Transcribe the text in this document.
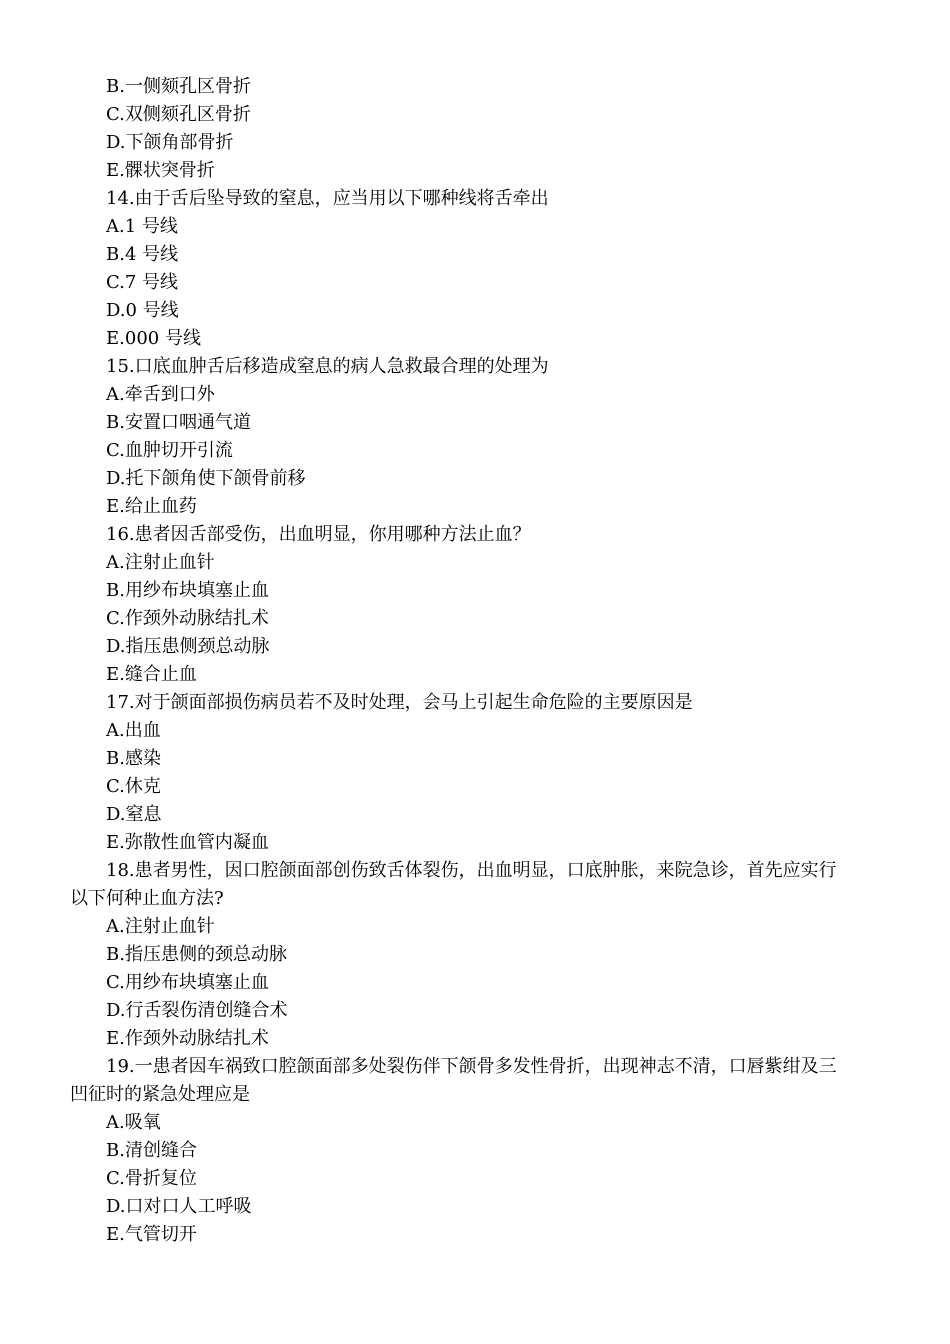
B.一侧颏孔区骨折
C.双侧颏孔区骨折
D.下颌角部骨折
E.髁状突骨折
14.由于舌后坠导致的窒息，应当用以下哪种线将舌牵出
A.1 号线
B.4 号线
C.7 号线
D.0 号线
E.000 号线
15.口底血肿舌后移造成窒息的病人急救最合理的处理为
A.牵舌到口外
B.安置口咽通气道
C.血肿切开引流
D.托下颌角使下颌骨前移
E.给止血药
16.患者因舌部受伤，出血明显，你用哪种方法止血？
A.注射止血针
B.用纱布块填塞止血
C.作颈外动脉结扎术
D.指压患侧颈总动脉
E.缝合止血
17.对于颌面部损伤病员若不及时处理，会马上引起生命危险的主要原因是
A.出血
B.感染
C.休克
D.窒息
E.弥散性血管内凝血
18.患者男性，因口腔颌面部创伤致舌体裂伤，出血明显，口底肿胀，来院急诊，首先应实行
以下何种止血方法?
A.注射止血针
B.指压患侧的颈总动脉
C.用纱布块填塞止血
D.行舌裂伤清创缝合术
E.作颈外动脉结扎术
19.一患者因车祸致口腔颌面部多处裂伤伴下颌骨多发性骨折，出现神志不清，口唇紫绀及三
凹征时的紧急处理应是
A.吸氧
B.清创缝合
C.骨折复位
D.口对口人工呼吸
E.气管切开
